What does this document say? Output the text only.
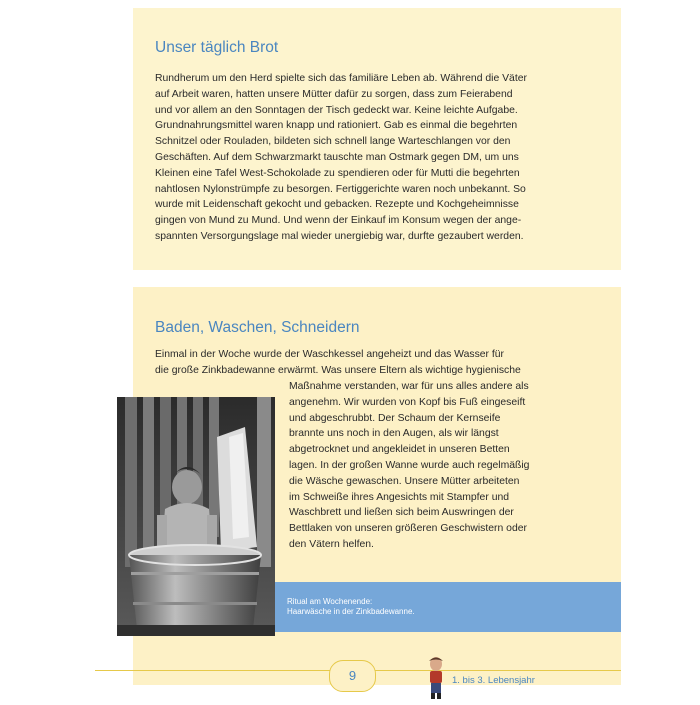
Unser täglich Brot
Rundherum um den Herd spielte sich das familiäre Leben ab. Während die Väter
auf Arbeit waren, hatten unsere Mütter dafür zu sorgen, dass zum Feierabend
und vor allem an den Sonntagen der Tisch gedeckt war. Keine leichte Aufgabe.
Grundnahrungsmittel waren knapp und rationiert. Gab es einmal die begehrten
Schnitzel oder Rouladen, bildeten sich schnell lange Warteschlangen vor den
Geschäften. Auf dem Schwarzmarkt tauschte man Ostmark gegen DM, um uns
Kleinen eine Tafel West-Schokolade zu spendieren oder für Mutti die begehrten
nahtlosen Nylonstrümpfe zu besorgen. Fertiggerichte waren noch unbekannt. So
wurde mit Leidenschaft gekocht und gebacken. Rezepte und Kochgeheimnisse
gingen von Mund zu Mund. Und wenn der Einkauf im Konsum wegen der ange-
spannten Versorgungslage mal wieder unergiebig war, durfte gezaubert werden.
Baden, Waschen, Schneidern
Einmal in der Woche wurde der Waschkessel angeheizt und das Wasser für
die große Zinkbadewanne erwärmt. Was unsere Eltern als wichtige hygienische
Maßnahme verstanden, war für uns alles andere als
angenehm. Wir wurden von Kopf bis Fuß eingeseift
und abgeschrubbt. Der Schaum der Kernseife
brannte uns noch in den Augen, als wir längst
abgetrocknet und angekleidet in unseren Betten
lagen. In der großen Wanne wurde auch regelmäßig
die Wäsche gewaschen. Unsere Mütter arbeiteten
im Schweiße ihres Angesichts mit Stampfer und
Waschbrett und ließen sich beim Auswringen der
Bettlaken von unseren größeren Geschwistern oder
den Vätern helfen.
Ritual am Wochenende:
Haarwäsche in der Zinkbadewanne.
9	1. bis 3. Lebensjahr
